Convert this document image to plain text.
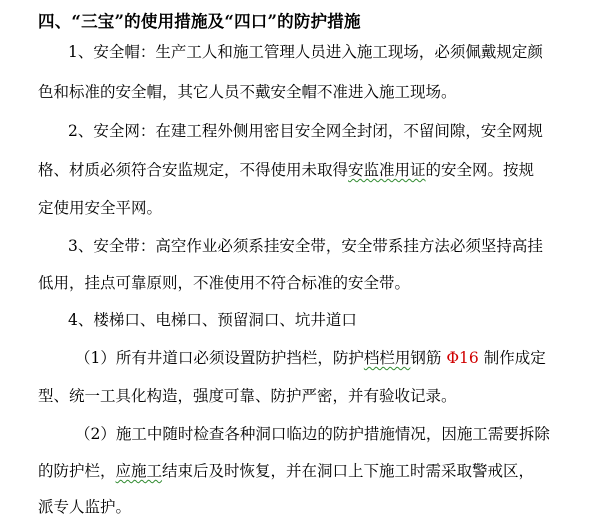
四、“三宝”的使用措施及“四口”的防护措施
1、安全帽：生产工人和施工管理人员进入施工现场，必须佩戴规定颜
色和标准的安全帽，其它人员不戴安全帽不准进入施工现场。
2、安全网：在建工程外侧用密目安全网全封闭，不留间隙，安全网规
格、材质必须符合安监规定，不得使用未取得安监准用证的安全网。按规
定使用安全平网。
3、安全带：高空作业必须系挂安全带，安全带系挂方法必须坚持高挂
低用，挂点可靠原则，不准使用不符合标准的安全带。
4、楼梯口、电梯口、预留洞口、坑井道口
（1）所有井道口必须设置防护挡栏，防护档栏用钢筋 Φ16 制作成定
型、统一工具化构造，强度可靠、防护严密，并有验收记录。
（2）施工中随时检查各种洞口临边的防护措施情况，因施工需要拆除
的防护栏，应施工结束后及时恢复，并在洞口上下施工时需采取警戒区，
派专人监护。
